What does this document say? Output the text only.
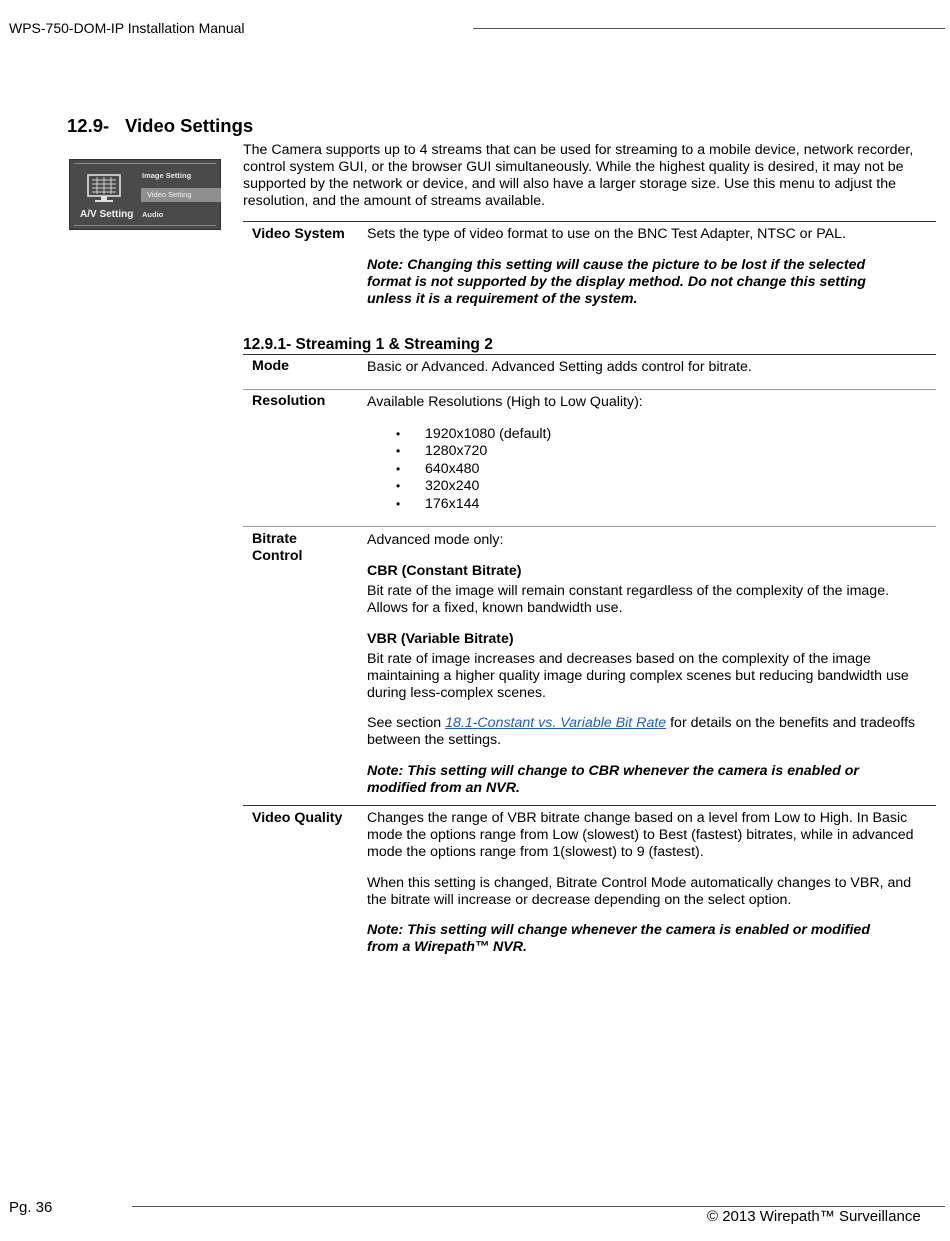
WPS-750-DOM-IP Installation Manual
12.9- Video Settings
A/V Setting
Image Setting
Video Setting
Audio
The Camera supports up to 4 streams that can be used for streaming to a mobile device, network recorder, control system GUI, or the browser GUI simultaneously. While the highest quality is desired, it may not be supported by the network or device, and will also have a larger storage size. Use this menu to adjust the resolution, and the amount of streams available.
Video System Sets the type of video format to use on the BNC Test Adapter, NTSC or PAL.
Note: Changing this setting will cause the picture to be lost if the selected format is not supported by the display method. Do not change this setting unless it is a requirement of the system.
12.9.1- Streaming 1 & Streaming 2
Mode	Basic or Advanced. Advanced Setting adds control for bitrate.
Resolution	Available Resolutions (High to Low Quality):
• 1920x1080 (default)
• 1280x720
• 640x480
• 320x240
• 176x144
Bitrate
Control
Advanced mode only:
CBR (Constant Bitrate)
Bit rate of the image will remain constant regardless of the complexity of the image. Allows for a fixed, known bandwidth use.
VBR (Variable Bitrate)
Bit rate of image increases and decreases based on the complexity of the image maintaining a higher quality image during complex scenes but reducing bandwidth use during less-complex scenes.
See section 18.1-Constant vs. Variable Bit Rate for details on the benefits and tradeoffs between the settings.
Note: This setting will change to CBR whenever the camera is enabled or modified from an NVR.
Video Quality Changes the range of VBR bitrate change based on a level from Low to High. In Basic mode the options range from Low (slowest) to Best (fastest) bitrates, while in advanced mode the options range from 1(slowest) to 9 (fastest).
When this setting is changed, Bitrate Control Mode automatically changes to VBR, and the bitrate will increase or decrease depending on the select option.
Note: This setting will change whenever the camera is enabled or modified from a Wirepath™ NVR.
Pg. 36
© 2013 Wirepath™ Surveillance
